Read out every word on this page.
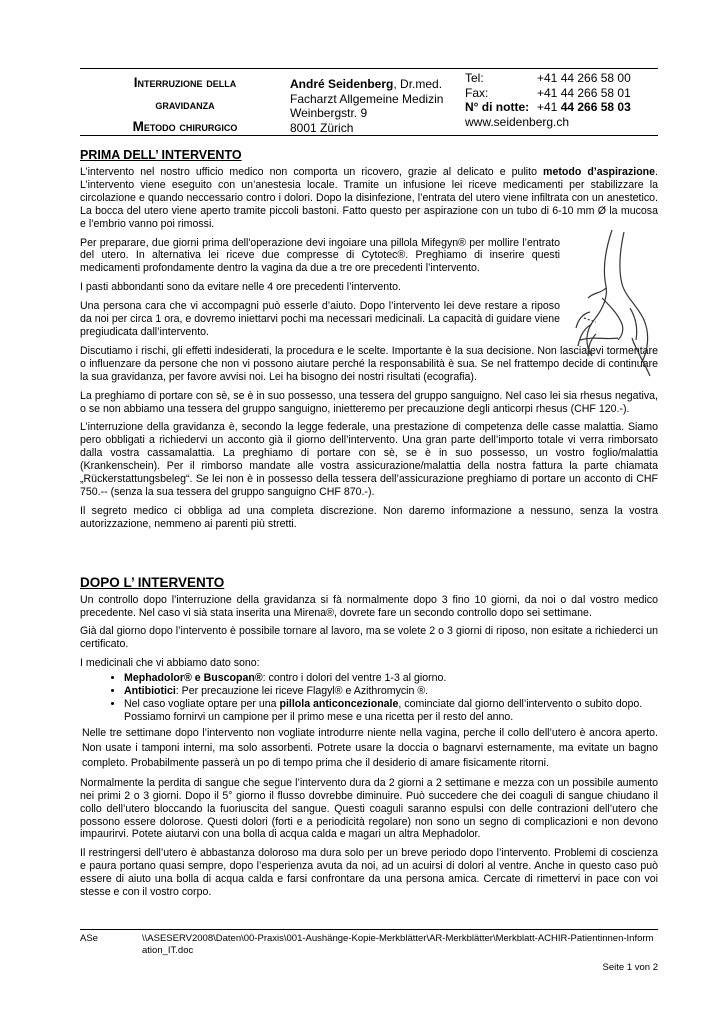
Interruzione della
gravidanza
Metodo chirurgico
André Seidenberg, Dr.med.
Facharzt Allgemeine Medizin
Weinbergstr. 9
8001 Zürich
Tel:	+41 44 266 58 00
Fax:	+41 44 266 58 01
N° di notte: +41 44 266 58 03
www.seidenberg.ch
PRIMA DELL’ INTERVENTO

L’intervento nel nostro ufficio medico non comporta un ricovero, grazie al delicato e pulito metodo d’aspirazione. L’intervento viene eseguito con un’anestesia locale. Tramite un infusione lei riceve medicamenti per stabilizzare la circolazione e quando neccessario contro i dolori. Dopo la disinfezione, l’entrata del utero viene infiltrata con un anestetico. La bocca del utero viene aperto tramite piccoli bastoni. Fatto questo per aspirazione con un tubo di 6-10 mm Ø la mucosa e l’embrio vanno poi rimossi.

Per preparare, due giorni prima dell'operazione devi ingoiare una pillola Mifegyn® per mollire l’entrato del utero. In alternativa lei riceve due compresse di Cytotec®. Preghiamo di inserire questi medicamenti profondamente dentro la vagina da due a tre ore precedenti l’intervento.

I pasti abbondanti sono da evitare nelle 4 ore precedenti l’intervento.

Una persona cara che vi accompagni può esserle d’aiuto. Dopo l’intervento lei deve restare a riposo da noi per circa 1 ora, e dovremo iniettarvi pochi ma necessari medicinali. La capacità di guidare viene pregiudicata dall’intervento.

Discutiamo i rischi, gli effetti indesiderati, la procedura e le scelte. Importante è la sua decisione. Non lasciatevi tormentare o influenzare da persone che non vi possono aiutare perché la responsabilità è sua. Se nel frattempo decide di continuare la sua gravidanza, per favore avvisi noi. Lei ha bisogno dei nostri risultati (ecografia).

La preghiamo di portare con sè, se è in suo possesso, una tessera del gruppo sanguigno. Nel caso lei sia rhesus negativa, o se non abbiamo una tessera del gruppo sanguigno, inietteremo per precauzione degli anticorpi rhesus (CHF 120.-).

L’interruzione della gravidanza è, secondo la legge federale, una prestazione di competenza delle casse malattia. Siamo pero obbligati a richiedervi un acconto già il giorno dell’intervento. Una gran parte dell’importo totale vi verra rimborsato dalla vostra cassamalattia. La preghiamo di portare con sè, se è in suo possesso, un vostro foglio/malattia (Krankenschein). Per il rimborso mandate alle vostra assicurazione/malattia della nostra fattura la parte chiamata „Rückerstattungsbeleg“. Se lei non è in possesso della tessera dell’assicurazione preghiamo di portare un acconto di CHF 750.-- (senza la sua tessera del gruppo sanguigno CHF 870.-).

Il segreto medico ci obbliga ad una completa discrezione. Non daremo informazione a nessuno, senza la vostra autorizzazione, nemmeno ai parenti più stretti.

DOPO L’ INTERVENTO

Un controllo dopo l’interruzione della gravidanza si fà normalmente dopo 3 fino 10 giorni, da noi o dal vostro medico precedente. Nel caso vi sià stata inserita una Mirena®, dovrete fare un secondo controllo dopo sei settimane.

Già dal giorno dopo l’intervento è possibile tornare al lavoro, ma se volete 2 o 3 giorni di riposo, non esitate a richiederci un certificato.

I medicinali che vi abbiamo dato sono:

• Mephadolor® e Buscopan®: contro i dolori del ventre 1-3 al giorno.
• Antibiotici: Per precauzione lei riceve Flagyl® e Azithromycin ®.
• Nel caso vogliate optare per una pillola anticoncezionale, cominciate dal giorno dell’intervento o subito dopo. Possiamo fornirvi un campione per il primo mese e una ricetta per il resto del anno.

Nelle tre settimane dopo l’intervento non vogliate introdurre niente nella vagina, perche il collo dell’utero è ancora aperto. Non usate i tamponi interni, ma solo assorbenti. Potrete usare la doccia o bagnarvi esternamente, ma evitate un bagno completo. Probabilmente passerà un po di tempo prima che il desiderio di amare fisicamente ritorni.

Normalmente la perdita di sangue che segue l’intervento dura da 2 giorni a 2 settimane e mezza con un possibile aumento nei primi 2 o 3 giorni. Dopo il 5° giorno il flusso dovrebbe diminuire. Può succedere che dei coaguli di sangue chiudano il collo dell’utero bloccando la fuoriuscita del sangue. Questi coaguli saranno espulsi con delle contrazioni dell’utero che possono essere dolorose. Questi dolori (forti e a periodicità regolare) non sono un segno di complicazioni e non devono impaurirvi. Potete aiutarvi con una bolla di acqua calda e magari un altra Mephadolor.

Il restringersi dell’utero è abbastanza doloroso ma dura solo per un breve periodo dopo l’intervento. Problemi di coscienza e paura portano quasi sempre, dopo l’esperienza avuta da noi, ad un acuirsi di dolori al ventre. Anche in questo caso può essere di aiuto una bolla di acqua calda e farsi confrontare da una persona amica. Cercate di rimettervi in pace con voi stesse e con il vostro corpo.

ASe	\\ASESERV2008\Daten\00-Praxis\001-Aushänge-Kopie-Merkblätter\AR-Merkblätter\Merkblatt-ACHIR-Patientinnen-Information_IT.doc
Seite 1 von 2
